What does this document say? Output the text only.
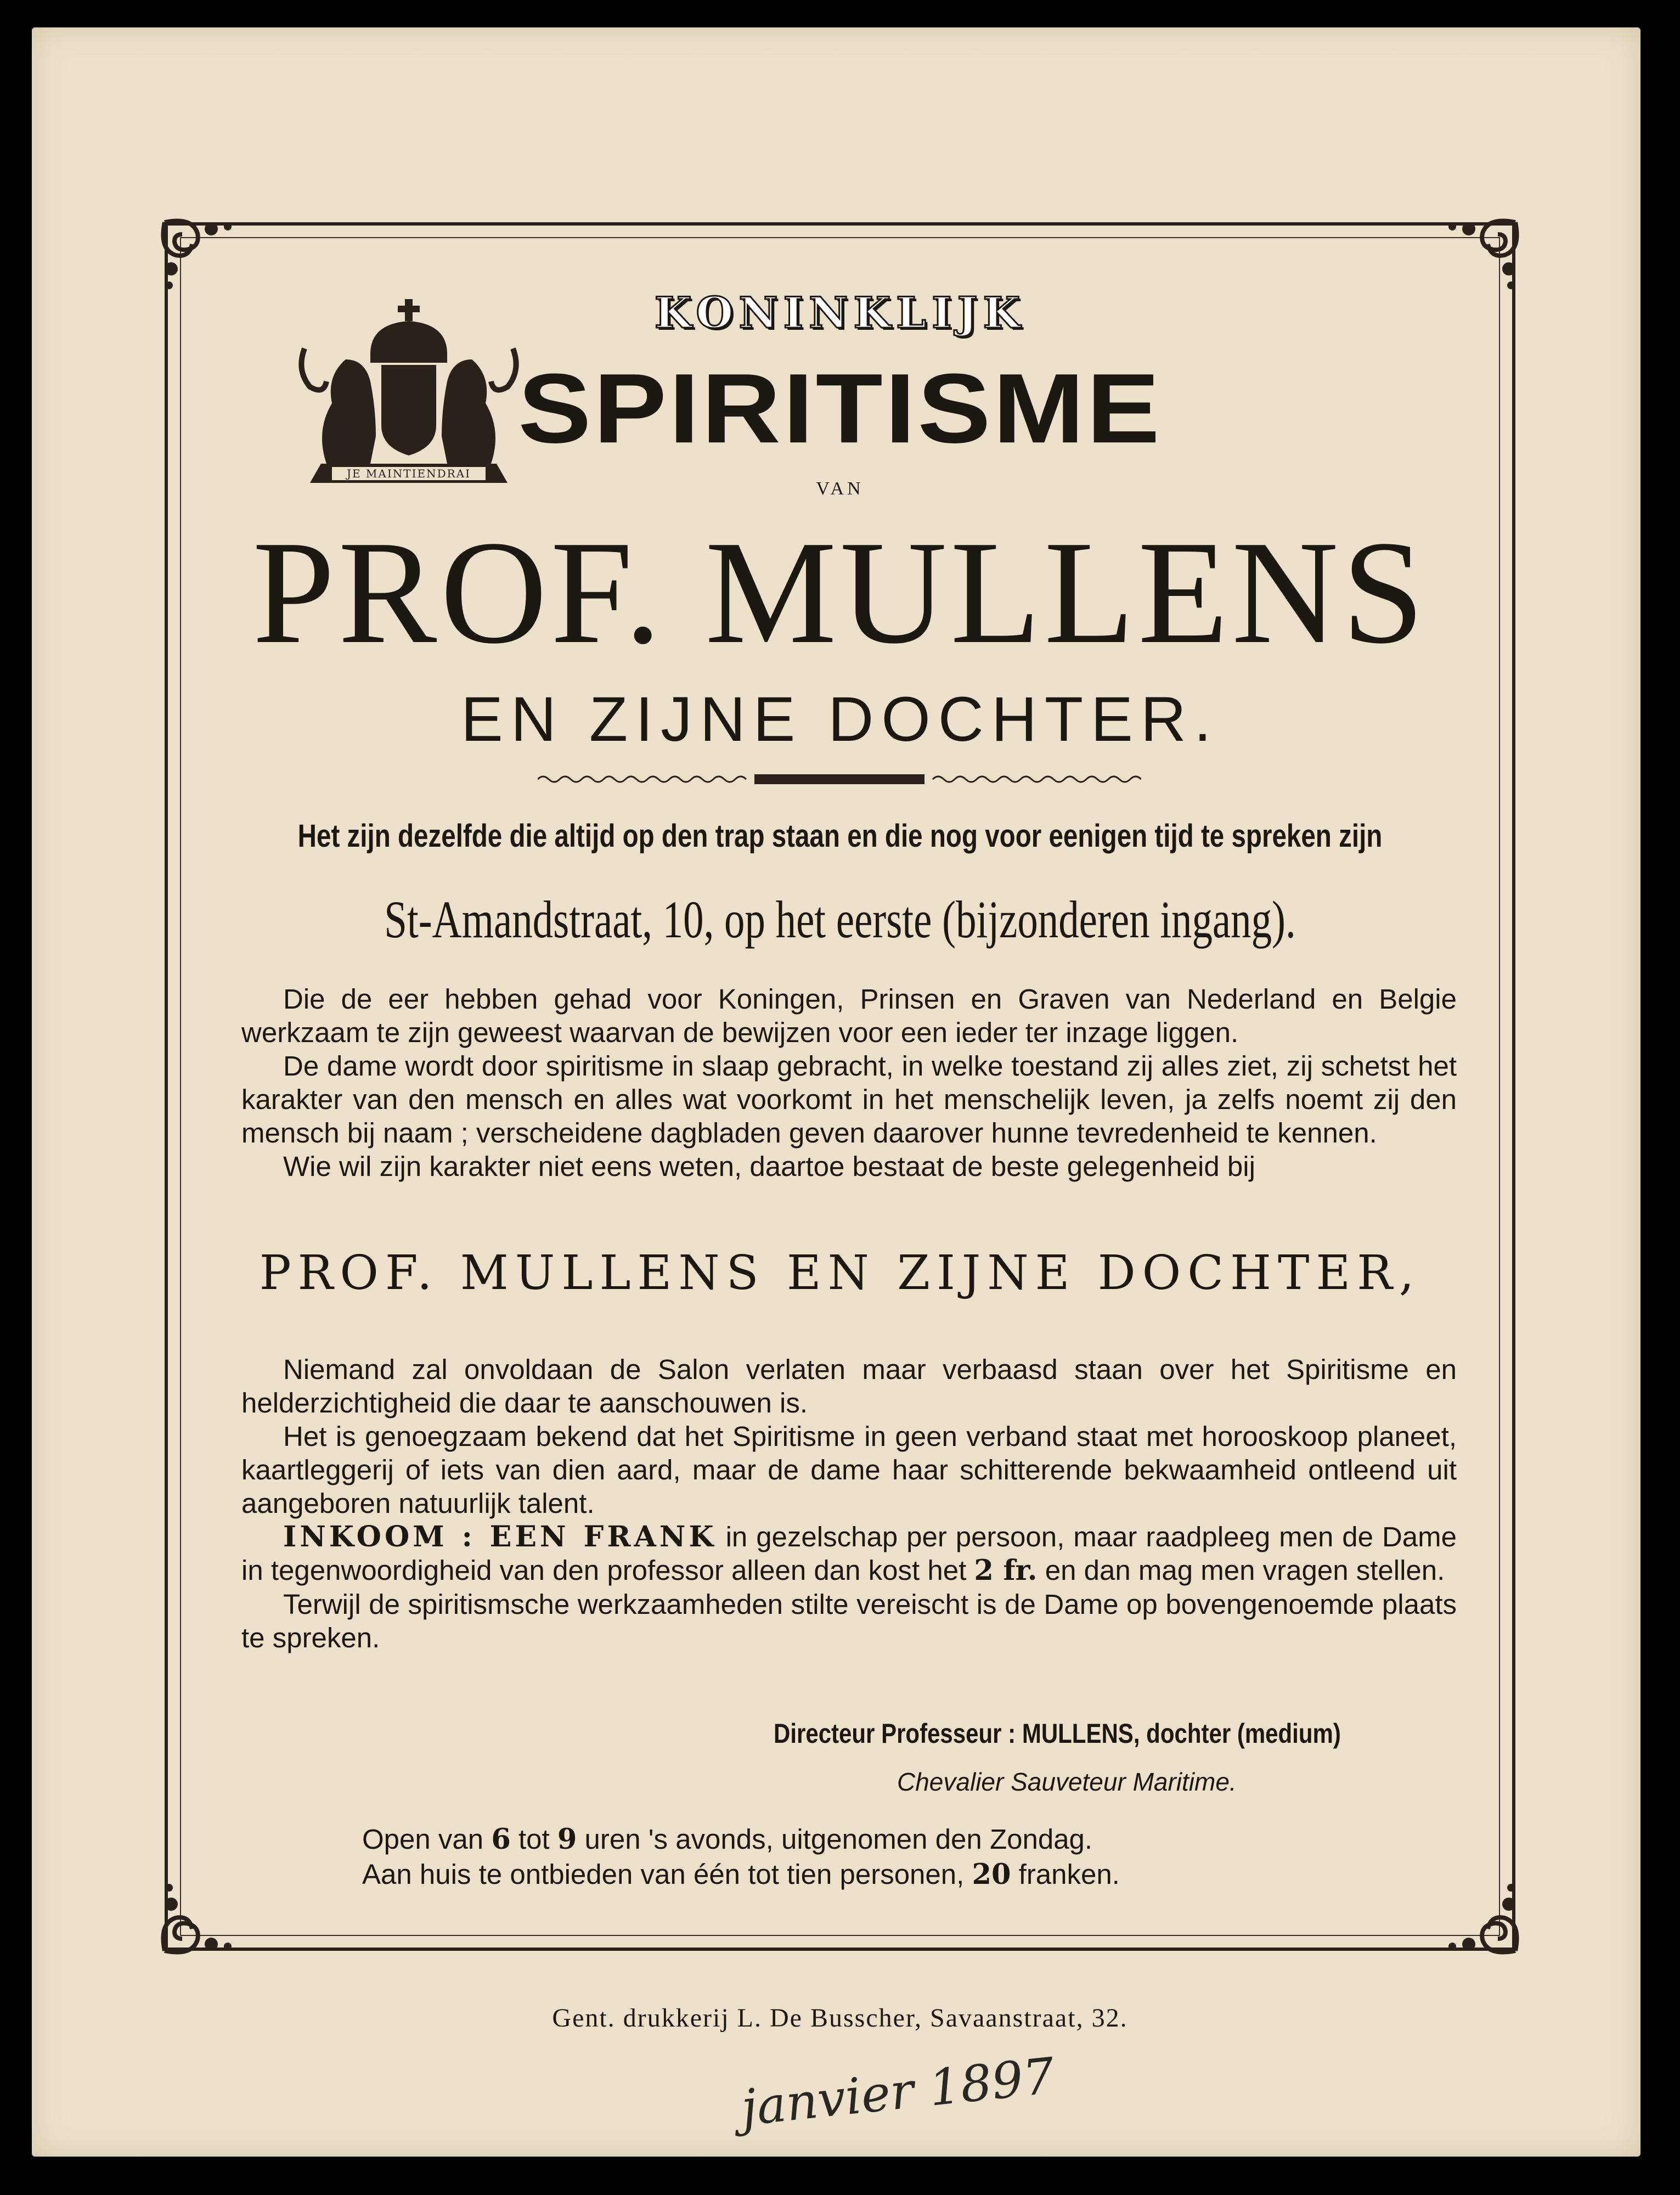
JE MAINTIENDRAI
KONINKLIJK
SPIRITISME
VAN
PROF. MULLENS
EN ZIJNE DOCHTER.
Het zijn dezelfde die altijd op den trap staan en die nog voor eenigen tijd te spreken zijn
St-Amandstraat, 10, op het eerste (bijzonderen ingang).

Die de eer hebben gehad voor Koningen, Prinsen en Graven van Nederland en Belgie werkzaam te zijn geweest waarvan de bewijzen voor een ieder ter inzage liggen.

De dame wordt door spiritisme in slaap gebracht, in welke toestand zij alles ziet, zij schetst het karakter van den mensch en alles wat voorkomt in het menschelijk leven, ja zelfs noemt zij den mensch bij naam ; verscheidene dagbladen geven daarover hunne tevredenheid te kennen.

Wie wil zijn karakter niet eens weten, daartoe bestaat de beste gelegenheid bij

PROF. MULLENS EN ZIJNE DOCHTER,

Niemand zal onvoldaan de Salon verlaten maar verbaasd staan over het Spiritisme en helderzichtigheid die daar te aanschouwen is.

Het is genoegzaam bekend dat het Spiritisme in geen verband staat met horooskoop planeet, kaartleggerij of iets van dien aard, maar de dame haar schitterende bekwaamheid ontleend uit aangeboren natuurlijk talent.

INKOOM : EEN FRANK in gezelschap per persoon, maar raadpleeg men de Dame in tegenwoordigheid van den professor alleen dan kost het 2 fr. en dan mag men vragen stellen.

Terwijl de spiritismsche werkzaamheden stilte vereischt is de Dame op bovengenoemde plaats te spreken.

Directeur Professeur : MULLENS, dochter (medium)
Chevalier Sauveteur Maritime.
Open van 6 tot 9 uren 's avonds, uitgenomen den Zondag.
Aan huis te ontbieden van één tot tien personen, 20 franken.
Gent. drukkerij L. De Busscher, Savaanstraat, 32.
janvier 1897
